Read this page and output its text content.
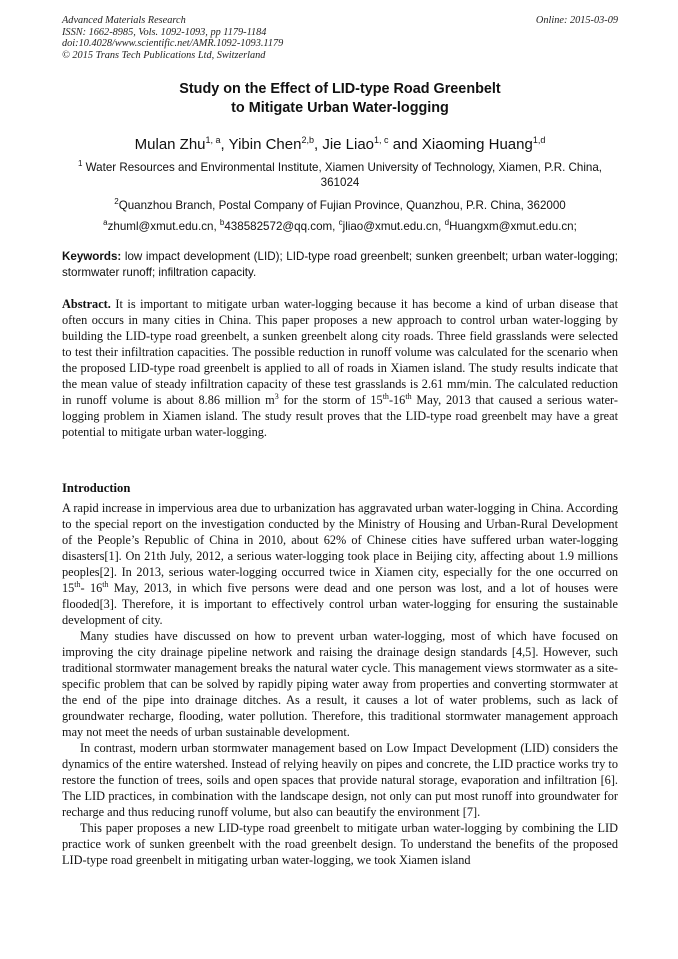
Advanced Materials Research
ISSN: 1662-8985, Vols. 1092-1093, pp 1179-1184
doi:10.4028/www.scientific.net/AMR.1092-1093.1179
© 2015 Trans Tech Publications Ltd, Switzerland
Online: 2015-03-09
Study on the Effect of LID-type Road Greenbelt
to Mitigate Urban Water-logging
Mulan Zhu$^{1, a}$, Yibin Chen$^{2,b}$, Jie Liao$^{1, c}$ and Xiaoming Huang$^{1,d}$
$^1$ Water Resources and Environmental Institute, Xiamen University of Technology, Xiamen, P.R. China, 361024
$^2$Quanzhou Branch, Postal Company of Fujian Province, Quanzhou, P.R. China, 362000
$^a$zhuml@xmut.edu.cn, $^b$438582572@qq.com, $^c$jliao@xmut.edu.cn, $^d$Huangxm@xmut.edu.cn;
Keywords: low impact development (LID); LID-type road greenbelt; sunken greenbelt; urban water-logging; stormwater runoff; infiltration capacity.

Abstract. It is important to mitigate urban water-logging because it has become a kind of urban disease that often occurs in many cities in China. This paper proposes a new approach to control urban water-logging by building the LID-type road greenbelt, a sunken greenbelt along city roads. Three field grasslands were selected to test their infiltration capacities. The possible reduction in runoff volume was calculated for the scenario when the proposed LID-type road greenbelt is applied to all of roads in Xiamen island. The study results indicate that the mean value of steady infiltration capacity of these test grasslands is 2.61 mm/min. The calculated reduction in runoff volume is about 8.86 million $m^3$ for the storm of 15th-16th May, 2013 that caused a serious water-logging problem in Xiamen island. The study result proves that the LID-type road greenbelt may have a great potential to mitigate urban water-logging.

Introduction

A rapid increase in impervious area due to urbanization has aggravated urban water-logging in China. According to the special report on the investigation conducted by the Ministry of Housing and Urban-Rural Development of the People’s Republic of China in 2010, about 62% of Chinese cities have suffered urban water-logging disasters[1]. On 21th July, 2012, a serious water-logging took place in Beijing city, affecting about 1.9 millions peoples[2]. In 2013, serious water-logging occurred twice in Xiamen city, especially for the one occurred on 15th- 16th May, 2013, in which five persons were dead and one person was lost, and a lot of houses were flooded[3]. Therefore, it is important to effectively control urban water-logging for ensuring the sustainable development of city.

Many studies have discussed on how to prevent urban water-logging, most of which have focused on improving the city drainage pipeline network and raising the drainage design standards [4,5]. However, such traditional stormwater management breaks the natural water cycle. This management views stormwater as a site-specific problem that can be solved by rapidly piping water away from properties and converting stormwater at the end of the pipe into drainage ditches. As a result, it causes a lot of water problems, such as lack of groundwater recharge, flooding, water pollution. Therefore, this traditional stormwater management approach may not meet the needs of urban sustainable development.

In contrast, modern urban stormwater management based on Low Impact Development (LID) considers the dynamics of the entire watershed. Instead of relying heavily on pipes and concrete, the LID practice works try to restore the function of trees, soils and open spaces that provide natural storage, evaporation and infiltration [6]. The LID practices, in combination with the landscape design, not only can put most runoff into groundwater for recharge and thus reducing runoff volume, but also can beautify the environment [7].

This paper proposes a new LID-type road greenbelt to mitigate urban water-logging by combining the LID practice work of sunken greenbelt with the road greenbelt design. To understand the benefits of the proposed LID-type road greenbelt in mitigating urban water-logging, we took Xiamen island
